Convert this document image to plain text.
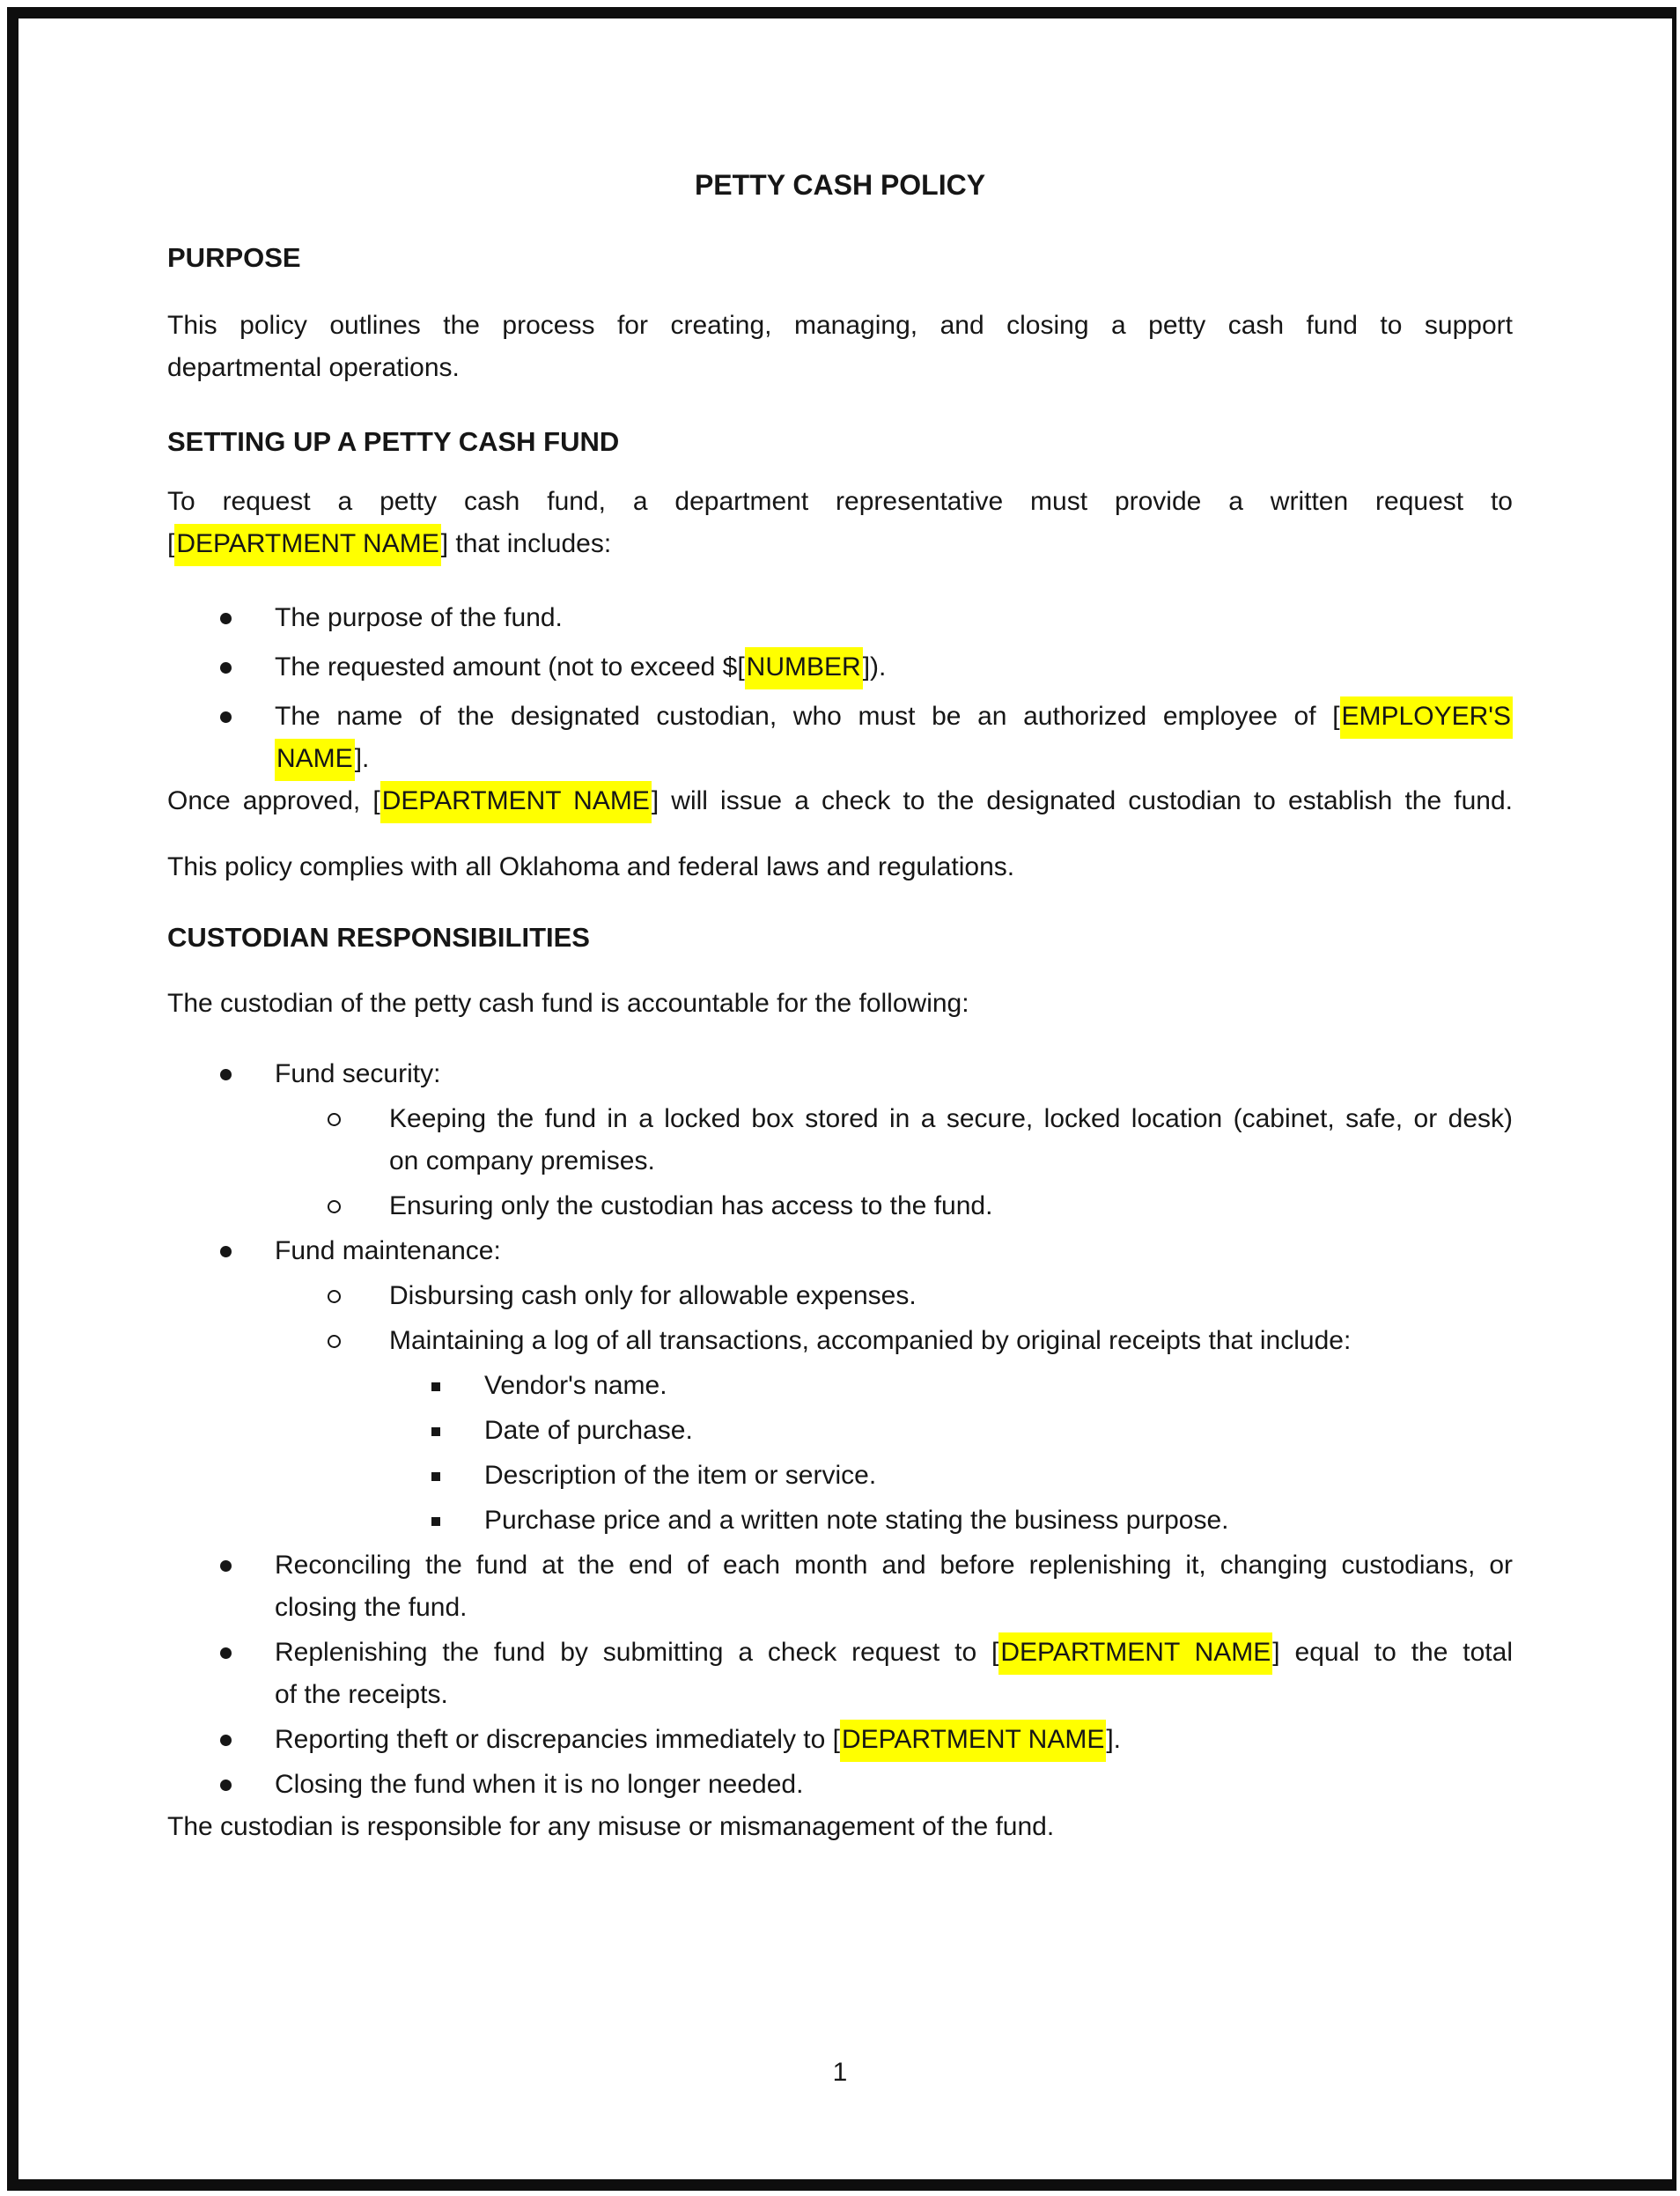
PETTY CASH POLICY
PURPOSE
This policy outlines the process for creating, managing, and closing a petty cash fund to support
departmental operations.
SETTING UP A PETTY CASH FUND
To request a petty cash fund, a department representative must provide a written request to
[DEPARTMENT NAME] that includes:
The purpose of the fund.
The requested amount (not to exceed $[NUMBER]).
The name of the designated custodian, who must be an authorized employee of [EMPLOYER'S
NAME].
Once approved, [DEPARTMENT NAME] will issue a check to the designated custodian to establish the fund.
This policy complies with all Oklahoma and federal laws and regulations.
CUSTODIAN RESPONSIBILITIES
The custodian of the petty cash fund is accountable for the following:
Fund security:
Keeping the fund in a locked box stored in a secure, locked location (cabinet, safe, or desk)
on company premises.
Ensuring only the custodian has access to the fund.
Fund maintenance:
Disbursing cash only for allowable expenses.
Maintaining a log of all transactions, accompanied by original receipts that include:
Vendor's name.
Date of purchase.
Description of the item or service.
Purchase price and a written note stating the business purpose.
Reconciling the fund at the end of each month and before replenishing it, changing custodians, or
closing the fund.
Replenishing the fund by submitting a check request to [DEPARTMENT NAME] equal to the total
of the receipts.
Reporting theft or discrepancies immediately to [DEPARTMENT NAME].
Closing the fund when it is no longer needed.
The custodian is responsible for any misuse or mismanagement of the fund.
1
